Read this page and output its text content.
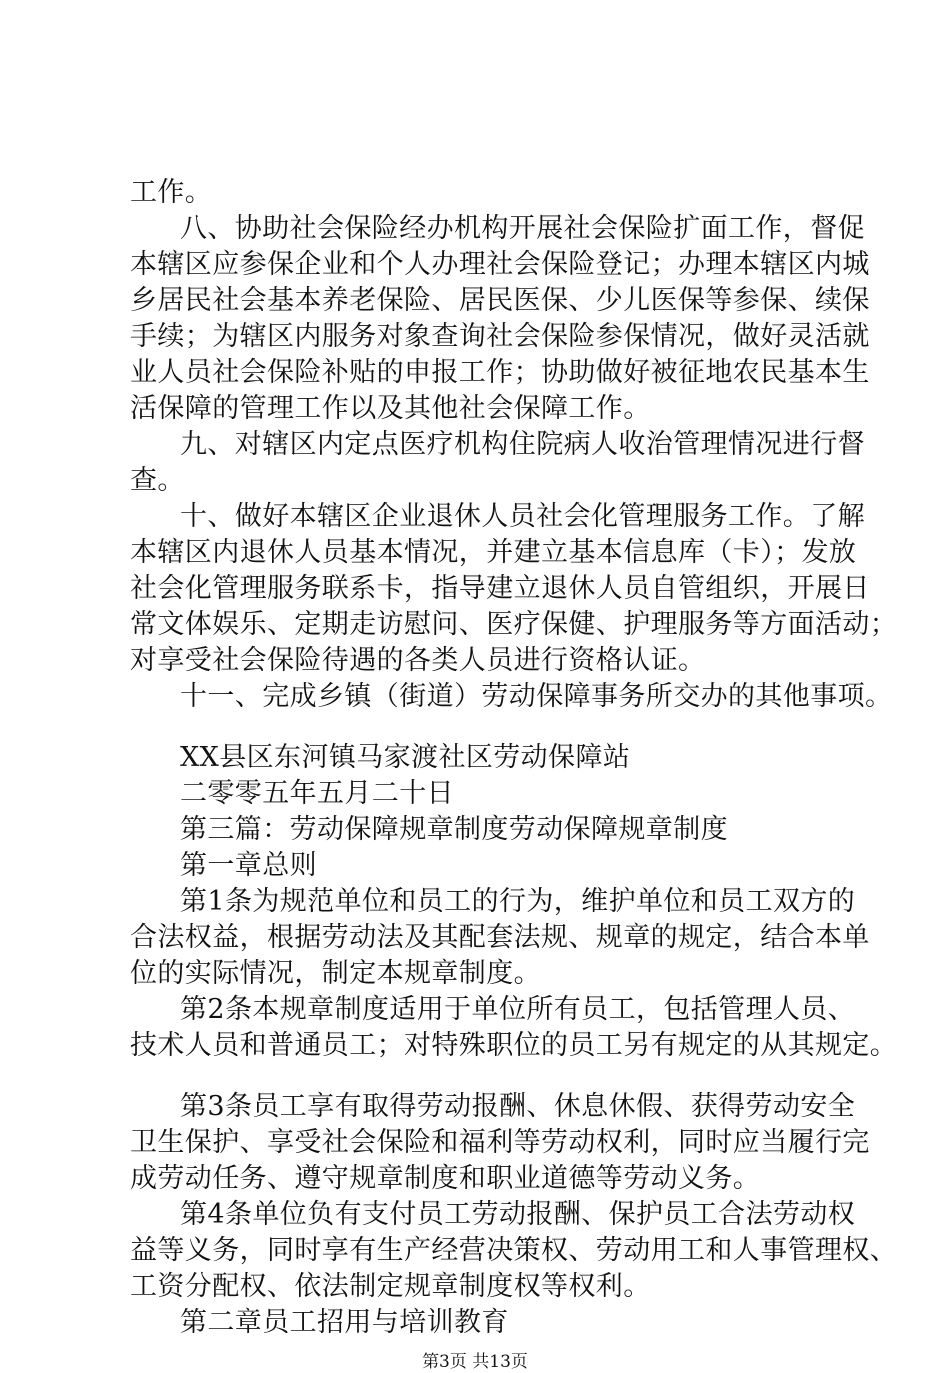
工作。
八、协助社会保险经办机构开展社会保险扩面工作，督促
本辖区应参保企业和个人办理社会保险登记；办理本辖区内城
乡居民社会基本养老保险、居民医保、少儿医保等参保、续保
手续；为辖区内服务对象查询社会保险参保情况，做好灵活就
业人员社会保险补贴的申报工作；协助做好被征地农民基本生
活保障的管理工作以及其他社会保障工作。
九、对辖区内定点医疗机构住院病人收治管理情况进行督
查。
十、做好本辖区企业退休人员社会化管理服务工作。了解
本辖区内退休人员基本情况，并建立基本信息库（卡）；发放
社会化管理服务联系卡，指导建立退休人员自管组织，开展日
常文体娱乐、定期走访慰问、医疗保健、护理服务等方面活动；
对享受社会保险待遇的各类人员进行资格认证。
十一、完成乡镇（街道）劳动保障事务所交办的其他事项。
XX县区东河镇马家渡社区劳动保障站
二零零五年五月二十日
第三篇：劳动保障规章制度劳动保障规章制度
第一章总则
第1条为规范单位和员工的行为，维护单位和员工双方的
合法权益，根据劳动法及其配套法规、规章的规定，结合本单
位的实际情况，制定本规章制度。
第2条本规章制度适用于单位所有员工，包括管理人员、
技术人员和普通员工；对特殊职位的员工另有规定的从其规定。
第3条员工享有取得劳动报酬、休息休假、获得劳动安全
卫生保护、享受社会保险和福利等劳动权利，同时应当履行完
成劳动任务、遵守规章制度和职业道德等劳动义务。
第4条单位负有支付员工劳动报酬、保护员工合法劳动权
益等义务，同时享有生产经营决策权、劳动用工和人事管理权、
工资分配权、依法制定规章制度权等权利。
第二章员工招用与培训教育
第3页 共13页
